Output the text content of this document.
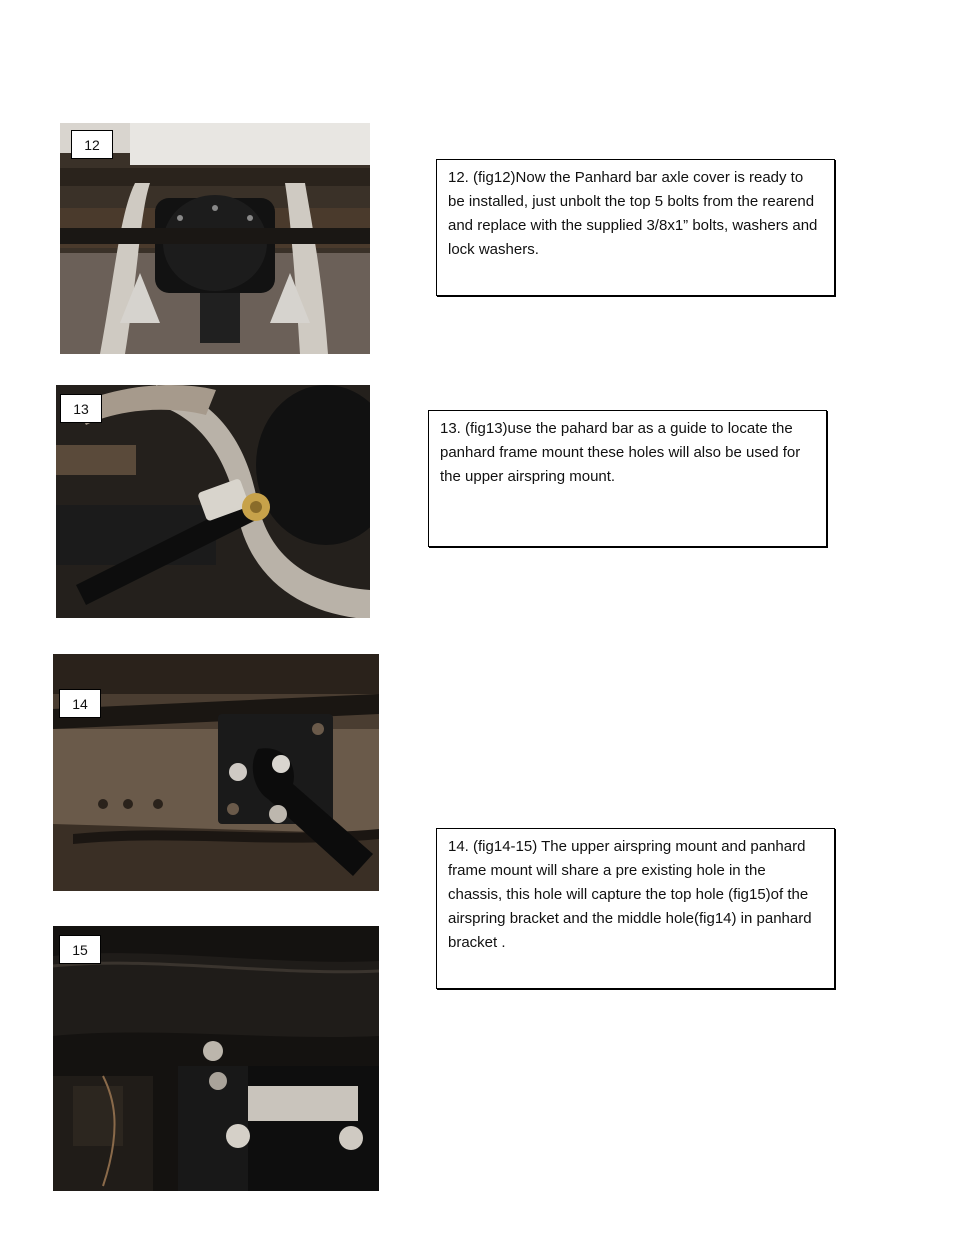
12
12. (fig12)Now the Panhard bar axle cover is ready to be installed, just unbolt the top 5 bolts from the rearend and replace with the supplied 3/8x1” bolts, washers and lock washers.
13
13. (fig13)use the pahard bar as a guide to locate the panhard frame mount these holes will also be used for the upper airspring mount.
14
14. (fig14-15) The upper airspring mount and panhard frame mount will share a pre existing hole in the chassis, this hole will capture the top hole (fig15)of the airspring bracket and the middle hole(fig14) in panhard bracket .
15
